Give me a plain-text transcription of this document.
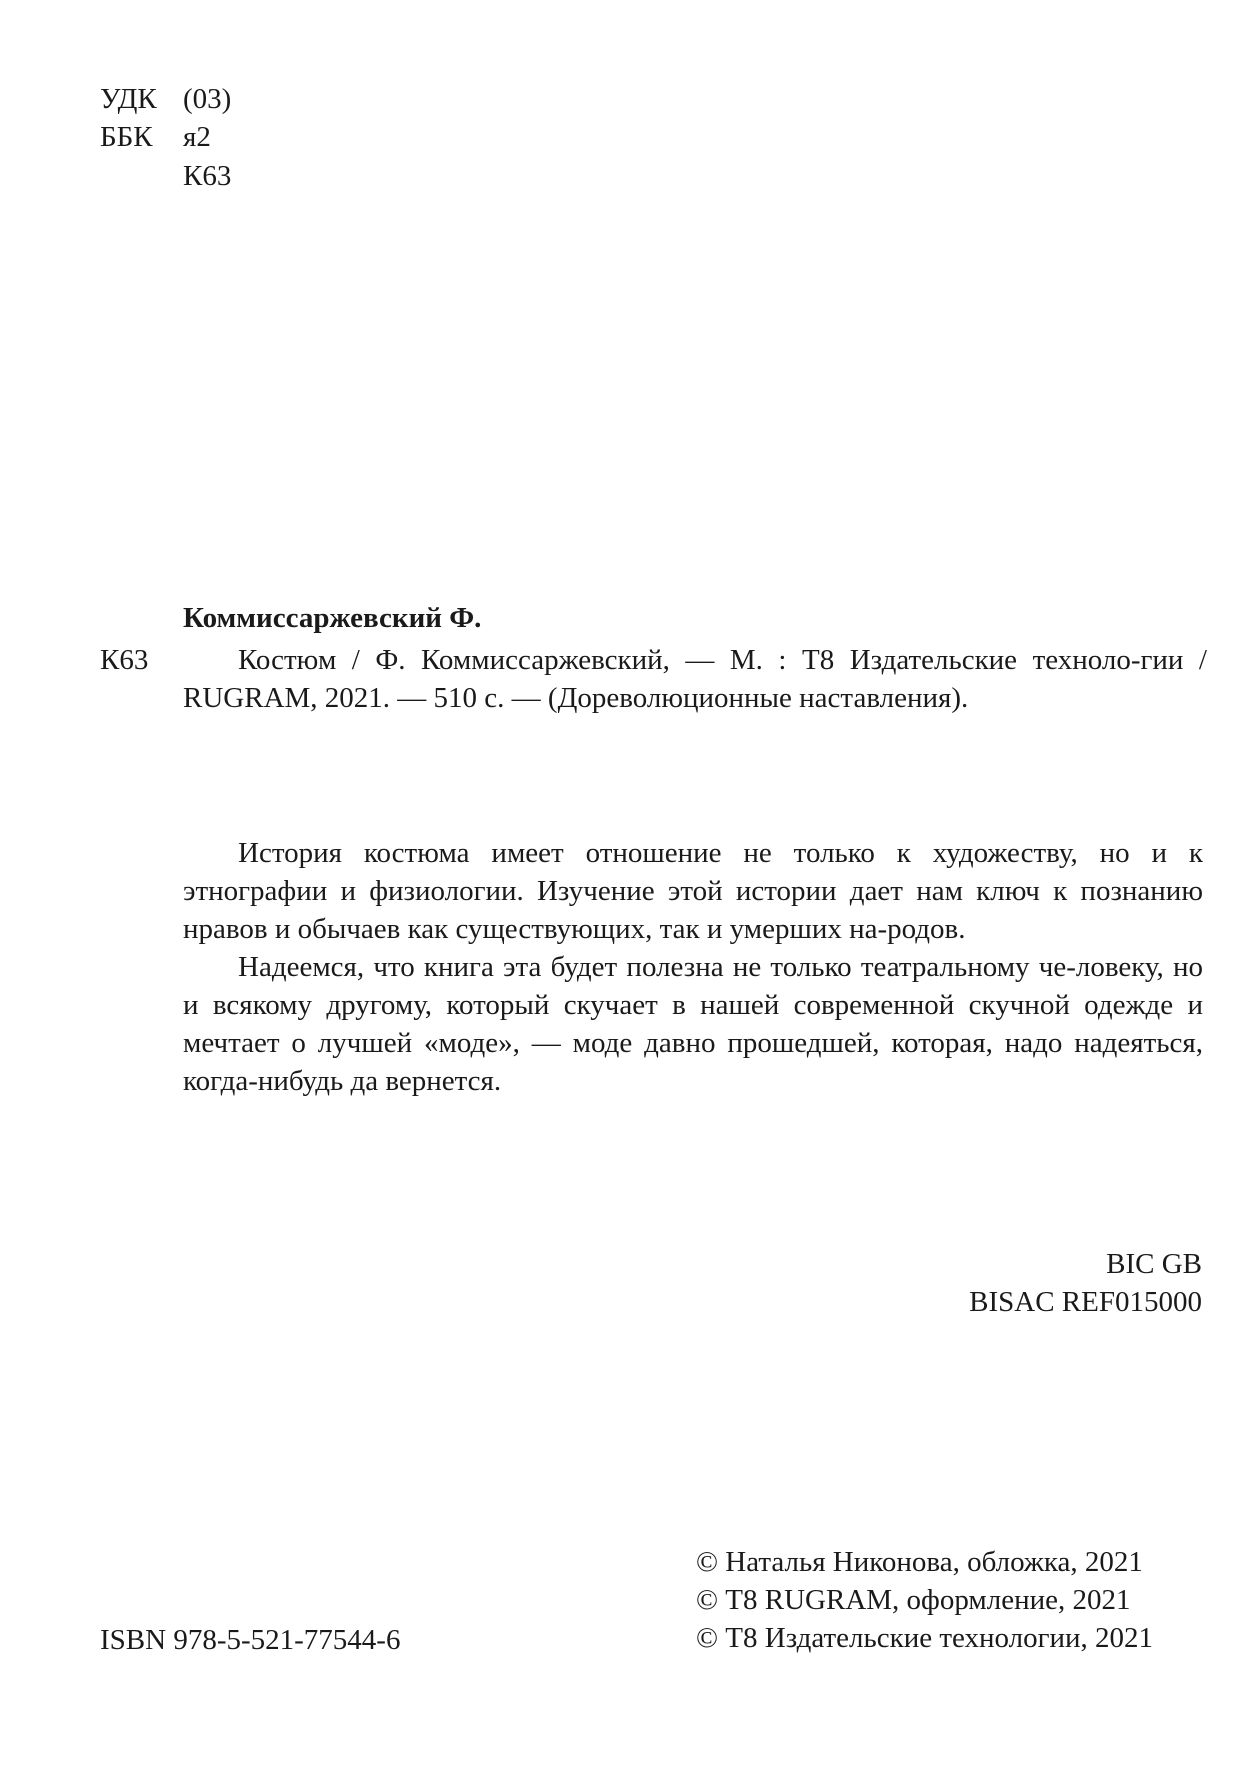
УДК (03)
ББК я2
К63
Коммиссаржевский Ф.
К63	Костюм / Ф. Коммиссаржевский, — М. : Т8 Издательские техноло-гии / RUGRAM, 2021. — 510 с. — (Дореволюционные наставления).

История костюма имеет отношение не только к художеству, но и к этнографии и физиологии. Изучение этой истории дает нам ключ к познанию нравов и обычаев как существующих, так и умерших на-родов.

Надеемся, что книга эта будет полезна не только театральному че-ловеку, но и всякому другому, который скучает в нашей современной скучной одежде и мечтает о лучшей «моде», — моде давно прошедшей, которая, надо надеяться, когда-нибудь да вернется.

BIC GB
BISAC REF015000
ISBN 978-5-521-77544-6
© Наталья Никонова, обложка, 2021
© Т8 RUGRAM, оформление, 2021
© Т8 Издательские технологии, 2021
